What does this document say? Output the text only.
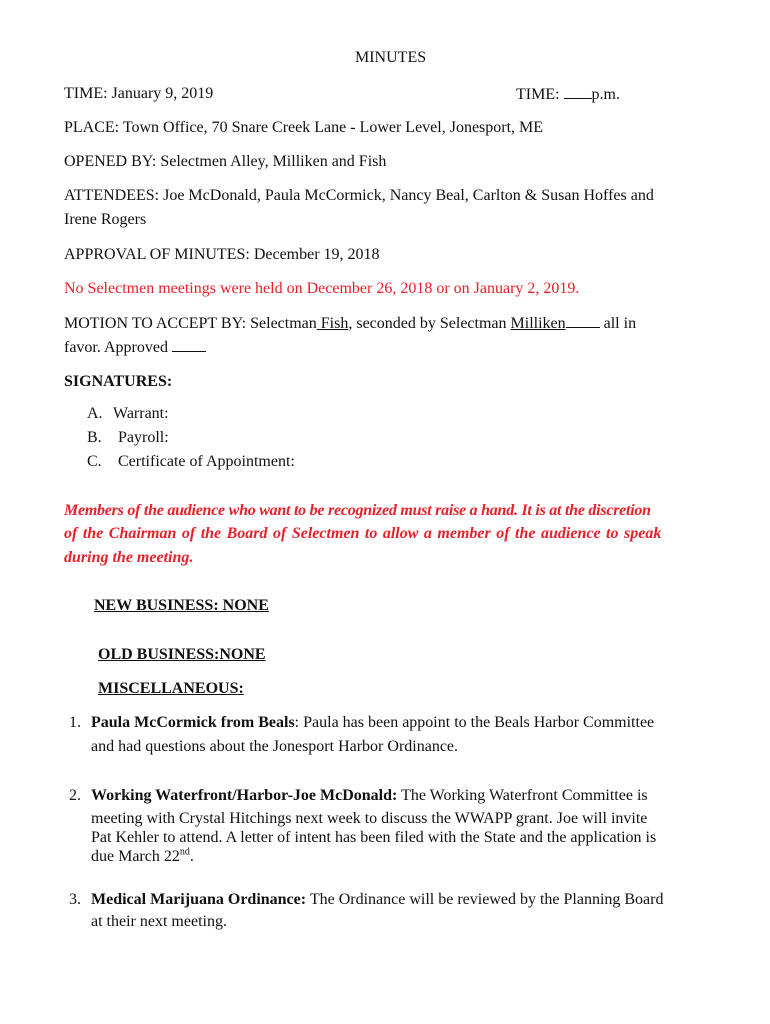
MINUTES
TIME: January 9, 2019	TIME: p.m.
PLACE: Town Office, 70 Snare Creek Lane - Lower Level, Jonesport, ME
OPENED BY: Selectmen Alley, Milliken and Fish
ATTENDEES: Joe McDonald, Paula McCormick, Nancy Beal, Carlton & Susan Hoffes and
Irene Rogers
APPROVAL OF MINUTES: December 19, 2018
No Selectmen meetings were held on December 26, 2018 or on January 2, 2019.
MOTION TO ACCEPT BY: Selectman Fish, seconded by Selectman Milliken all in
favor. Approved
SIGNATURES:
A. Warrant:
B. Payroll:
C. Certificate of Appointment:
Members of the audience who want to be recognized must raise a hand. It is at the discretion
of the Chairman of the Board of Selectmen to allow a member of the audience to speak
during the meeting.
NEW BUSINESS: NONE
OLD BUSINESS:NONE
MISCELLANEOUS:
1. Paula McCormick from Beals: Paula has been appoint to the Beals Harbor Committee
and had questions about the Jonesport Harbor Ordinance.
2. Working Waterfront/Harbor-Joe McDonald: The Working Waterfront Committee is
meeting with Crystal Hitchings next week to discuss the WWAPP grant. Joe will invite
Pat Kehler to attend. A letter of intent has been filed with the State and the application is
due March 22nd.
3. Medical Marijuana Ordinance: The Ordinance will be reviewed by the Planning Board
at their next meeting.
